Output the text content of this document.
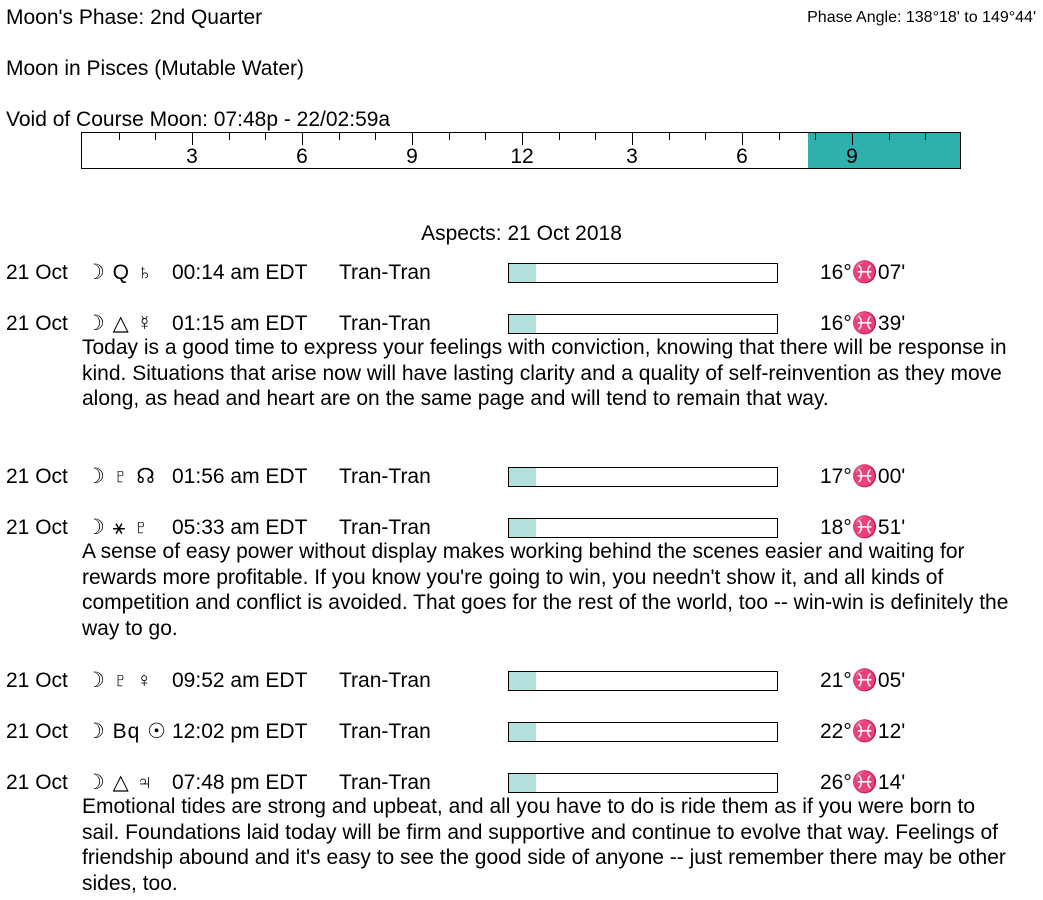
Moon's Phase: 2nd Quarter	Phase Angle: 138°18' to 149°44'
Moon in Pisces (Mutable Water)
Void of Course Moon: 07:48p - 22/02:59a
3	6	9	12	3	6	9
Aspects: 21 Oct 2018
21 Oct ☽ Q ♄ 00:14 am EDT Tran-Tran	16°♓07'
21 Oct ☽ △ ☿ 01:15 am EDT Tran-Tran	16°♓39'
Today is a good time to express your feelings with conviction, knowing that there will be response in kind. Situations that arise now will have lasting clarity and a quality of self-reinvention as they move along, as head and heart are on the same page and will tend to remain that way.
21 Oct ☽ ♇ ☊ 01:56 am EDT Tran-Tran	17°♓00'
21 Oct ☽ ⚹ ♇ 05:33 am EDT Tran-Tran	18°♓51'
A sense of easy power without display makes working behind the scenes easier and waiting for rewards more profitable. If you know you're going to win, you needn't show it, and all kinds of competition and conflict is avoided. That goes for the rest of the world, too -- win-win is definitely the way to go.
21 Oct ☽ ♇ ♀ 09:52 am EDT Tran-Tran	21°♓05'
21 Oct ☽ Bq ☉ 12:02 pm EDT Tran-Tran	22°♓12'
21 Oct ☽ △ ♃ 07:48 pm EDT Tran-Tran	26°♓14'
Emotional tides are strong and upbeat, and all you have to do is ride them as if you were born to sail. Foundations laid today will be firm and supportive and continue to evolve that way. Feelings of friendship abound and it's easy to see the good side of anyone -- just remember there may be other sides, too.
